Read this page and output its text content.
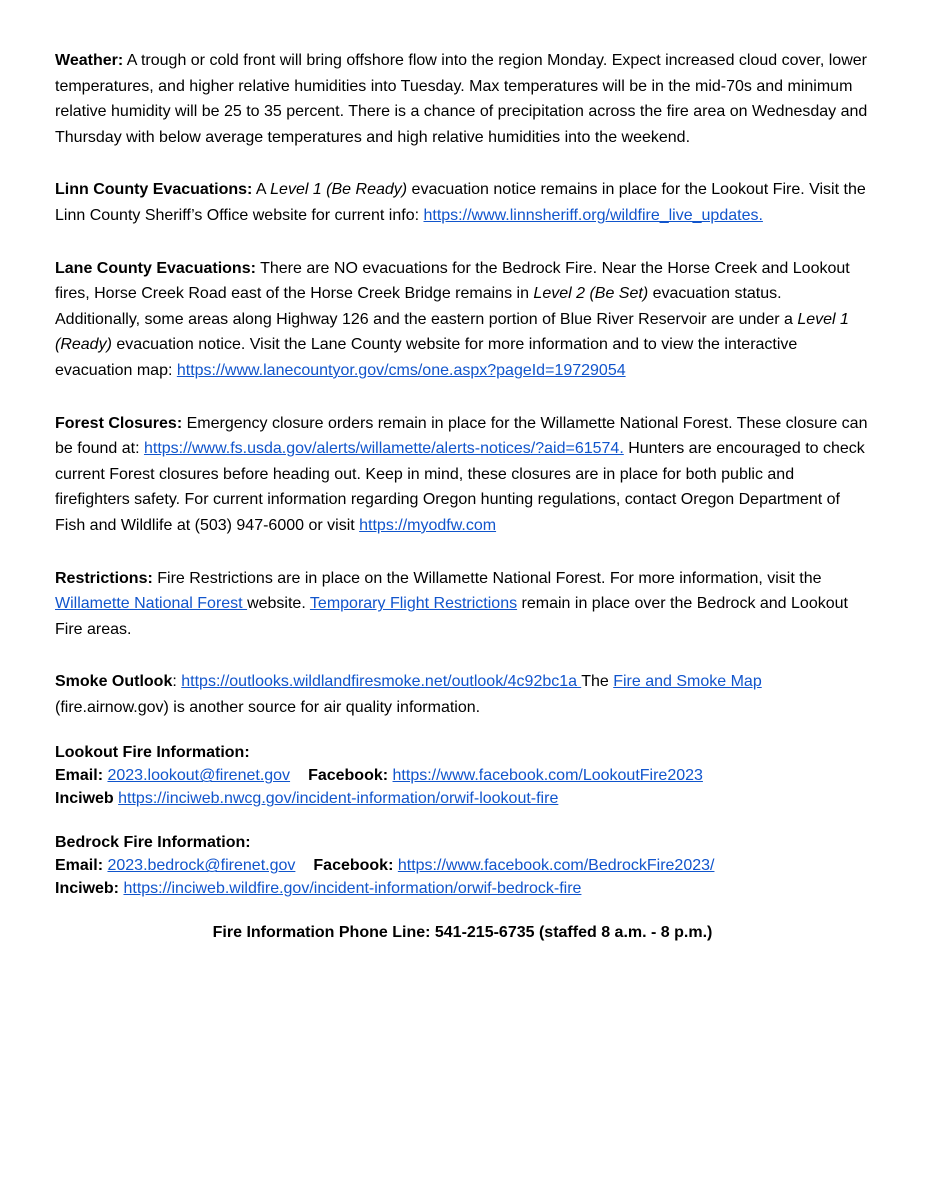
Weather: A trough or cold front will bring offshore flow into the region Monday. Expect increased cloud cover, lower temperatures, and higher relative humidities into Tuesday. Max temperatures will be in the mid-70s and minimum relative humidity will be 25 to 35 percent. There is a chance of precipitation across the fire area on Wednesday and Thursday with below average temperatures and high relative humidities into the weekend.

Linn County Evacuations: A Level 1 (Be Ready) evacuation notice remains in place for the Lookout Fire. Visit the Linn County Sheriff’s Office website for current info: https://www.linnsheriff.org/wildfire_live_updates.

Lane County Evacuations: There are NO evacuations for the Bedrock Fire. Near the Horse Creek and Lookout fires, Horse Creek Road east of the Horse Creek Bridge remains in Level 2 (Be Set) evacuation status. Additionally, some areas along Highway 126 and the eastern portion of Blue River Reservoir are under a Level 1 (Ready) evacuation notice. Visit the Lane County website for more information and to view the interactive evacuation map: https://www.lanecountyor.gov/cms/one.aspx?pageId=19729054

Forest Closures: Emergency closure orders remain in place for the Willamette National Forest. These closure can be found at: https://www.fs.usda.gov/alerts/willamette/alerts-notices/?aid=61574. Hunters are encouraged to check current Forest closures before heading out. Keep in mind, these closures are in place for both public and firefighters safety. For current information regarding Oregon hunting regulations, contact Oregon Department of Fish and Wildlife at (503) 947-6000 or visit https://myodfw.com

Restrictions: Fire Restrictions are in place on the Willamette National Forest. For more information, visit the Willamette National Forest website. Temporary Flight Restrictions remain in place over the Bedrock and Lookout Fire areas.

Smoke Outlook: https://outlooks.wildlandfiresmoke.net/outlook/4c92bc1a The Fire and Smoke Map (fire.airnow.gov) is another source for air quality information.

Lookout Fire Information:
Email: 2023.lookout@firenet.gov Facebook: https://www.facebook.com/LookoutFire2023
Inciweb https://inciweb.nwcg.gov/incident-information/orwif-lookout-fire
Bedrock Fire Information:
Email: 2023.bedrock@firenet.gov Facebook: https://www.facebook.com/BedrockFire2023/
Inciweb: https://inciweb.wildfire.gov/incident-information/orwif-bedrock-fire
Fire Information Phone Line: 541-215-6735 (staffed 8 a.m. - 8 p.m.)
